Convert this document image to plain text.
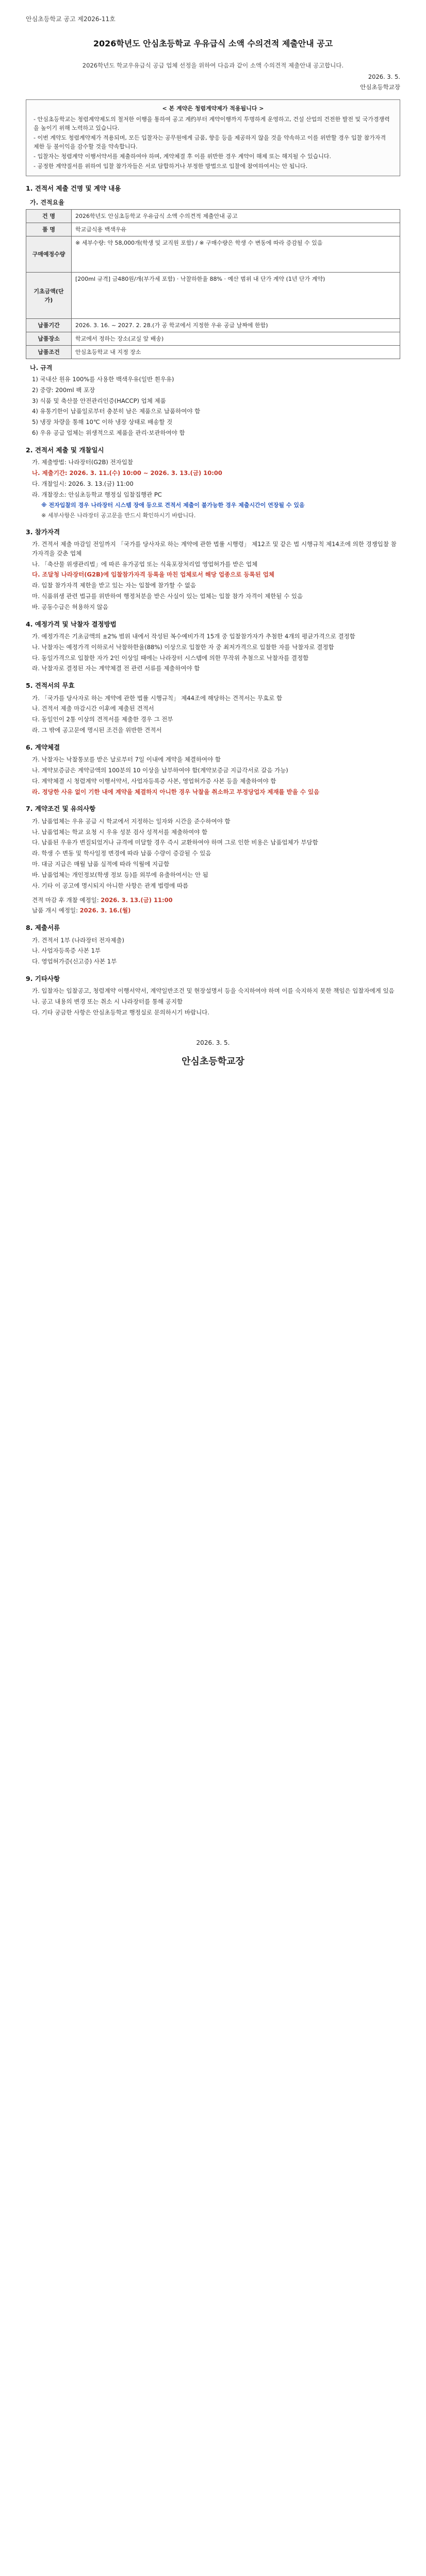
안심초등학교 공고 제2026-11호
2026학년도 안심초등학교 우유급식 소액 수의견적 제출안내 공고

2026학년도 학교우유급식 공급 업체 선정을 위하여 다음과 같이 소액 수의견적 제출안내 공고합니다.

2026. 3. 5.
안심초등학교장
< 본 계약은 청렴계약제가 적용됩니다 >

- 안심초등학교는 청렴계약제도의 철저한 이행을 통하여 공고 계约부터 계약이행까지 투명하게 운영하고, 건설 산업의 건전한 발전 및 국가경쟁력을 높이기 위해 노력하고 있습니다.

- 이번 계약도 청렴계약제가 적용되며, 모든 입찰자는 공무원에게 금품, 향응 등을 제공하지 않을 것을 약속하고 이를 위반할 경우 입찰 참가자격 제한 등 불이익을 감수할 것을 약속합니다.

- 입찰자는 청렴계약 이행서약서를 제출하여야 하며, 계약체결 후 이를 위반한 경우 계약이 해제 또는 해지될 수 있습니다.

- 공정한 계약질서를 위하여 입찰 참가자들은 서로 담합하거나 부정한 방법으로 입찰에 참여하여서는 안 됩니다.

1. 견적서 제출 건명 및 계약 내용
가. 견적요율
건 명	2026학년도 안심초등학교 우유급식 소액 수의견적 제출안내 공고
품 명	학교급식용 백색우유
구매예정수량	※ 세부수량: 약 58,000개(학생 및 교직원 포함) / ※ 구매수량은 학생 수 변동에 따라 증감될 수 있음
기초금액(단가)	[200ml 규격] 금480원/개(부가세 포함) · 낙찰하한율 88% · 예산 범위 내 단가 계약 (1년 단가 계약)
납품기간	2026. 3. 16. ~ 2027. 2. 28.(가 공 학교에서 지정한 우유 공급 날짜에 한함)
납품장소	학교에서 정하는 장소(교실 앞 배송)
납품조건	안심초등학교 내 지정 장소
나. 규격
1) 국내산 원유 100%를 사용한 백색우유(일반 흰우유)
2) 중량: 200ml 팩 포장
3) 식품 및 축산물 안전관리인증(HACCP) 업체 제품
4) 유통기한이 납품일로부터 충분히 남은 제품으로 납품하여야 함
5) 냉장 차량을 통해 10℃ 이하 냉장 상태로 배송할 것
6) 우유 공급 업체는 위생적으로 제품을 관리·보관하여야 함
2. 견적서 제출 및 개찰일시
가. 제출방법: 나라장터(G2B) 전자입찰
나. 제출기간: 2026. 3. 11.(수) 10:00 ~ 2026. 3. 13.(금) 10:00
다. 개찰일시: 2026. 3. 13.(금) 11:00
라. 개찰장소: 안심초등학교 행정실 입찰집행관 PC
※ 전자입찰의 경우 나라장터 시스템 장애 등으로 견적서 제출이 불가능한 경우 제출시간이 연장될 수 있음
※ 세부사항은 나라장터 공고문을 반드시 확인하시기 바랍니다.
3. 참가자격
가. 견적서 제출 마감일 전일까지 「국가를 당사자로 하는 계약에 관한 법률 시행령」 제12조 및 같은 법 시행규칙 제14조에 의한 경쟁입찰 참가자격을 갖춘 업체
나. 「축산물 위생관리법」에 따른 유가공업 또는 식육포장처리업 영업허가를 받은 업체
다. 조달청 나라장터(G2B)에 입찰참가자격 등록을 마친 업체로서 해당 업종으로 등록된 업체
라. 입찰 참가자격 제한을 받고 있는 자는 입찰에 참가할 수 없음
마. 식품위생 관련 법규를 위반하여 행정처분을 받은 사실이 있는 업체는 입찰 참가 자격이 제한될 수 있음
바. 공동수급은 허용하지 않음
4. 예정가격 및 낙찰자 결정방법
가. 예정가격은 기초금액의 ±2% 범위 내에서 작성된 복수예비가격 15개 중 입찰참가자가 추첨한 4개의 평균가격으로 결정함
나. 낙찰자는 예정가격 이하로서 낙찰하한율(88%) 이상으로 입찰한 자 중 최저가격으로 입찰한 자를 낙찰자로 결정함
다. 동일가격으로 입찰한 자가 2인 이상일 때에는 나라장터 시스템에 의한 무작위 추첨으로 낙찰자를 결정함
라. 낙찰자로 결정된 자는 계약체결 전 관련 서류를 제출하여야 함
5. 견적서의 무효
가. 「국가를 당사자로 하는 계약에 관한 법률 시행규칙」 제44조에 해당하는 견적서는 무효로 함
나. 견적서 제출 마감시간 이후에 제출된 견적서
다. 동일인이 2통 이상의 견적서를 제출한 경우 그 전부
라. 그 밖에 공고문에 명시된 조건을 위반한 견적서
6. 계약체결
가. 낙찰자는 낙찰통보를 받은 날로부터 7일 이내에 계약을 체결하여야 함
나. 계약보증금은 계약금액의 100분의 10 이상을 납부하여야 함(계약보증금 지급각서로 갈음 가능)
다. 계약체결 시 청렴계약 이행서약서, 사업자등록증 사본, 영업허가증 사본 등을 제출하여야 함
라. 정당한 사유 없이 기한 내에 계약을 체결하지 아니한 경우 낙찰을 취소하고 부정당업자 제재를 받을 수 있음
7. 계약조건 및 유의사항
가. 납품업체는 우유 공급 시 학교에서 지정하는 일자와 시간을 준수하여야 함
나. 납품업체는 학교 요청 시 우유 성분 검사 성적서를 제출하여야 함
다. 납품된 우유가 변질되었거나 규격에 미달할 경우 즉시 교환하여야 하며 그로 인한 비용은 납품업체가 부담함
라. 학생 수 변동 및 학사일정 변경에 따라 납품 수량이 증감될 수 있음
마. 대금 지급은 매월 납품 실적에 따라 익월에 지급함
바. 납품업체는 개인정보(학생 정보 등)를 외부에 유출하여서는 안 됨
사. 기타 이 공고에 명시되지 아니한 사항은 관계 법령에 따름
견적 마감 후 개찰 예정일: 2026. 3. 13.(금) 11:00
납품 개시 예정일: 2026. 3. 16.(월)
8. 제출서류
가. 견적서 1부 (나라장터 전자제출)
나. 사업자등록증 사본 1부
다. 영업허가증(신고증) 사본 1부
9. 기타사항
가. 입찰자는 입찰공고, 청렴계약 이행서약서, 계약일반조건 및 현장설명서 등을 숙지하여야 하며 이를 숙지하지 못한 책임은 입찰자에게 있음
나. 공고 내용의 변경 또는 취소 시 나라장터를 통해 공지함
다. 기타 궁금한 사항은 안심초등학교 행정실로 문의하시기 바랍니다.
2026. 3. 5.
안심초등학교장
